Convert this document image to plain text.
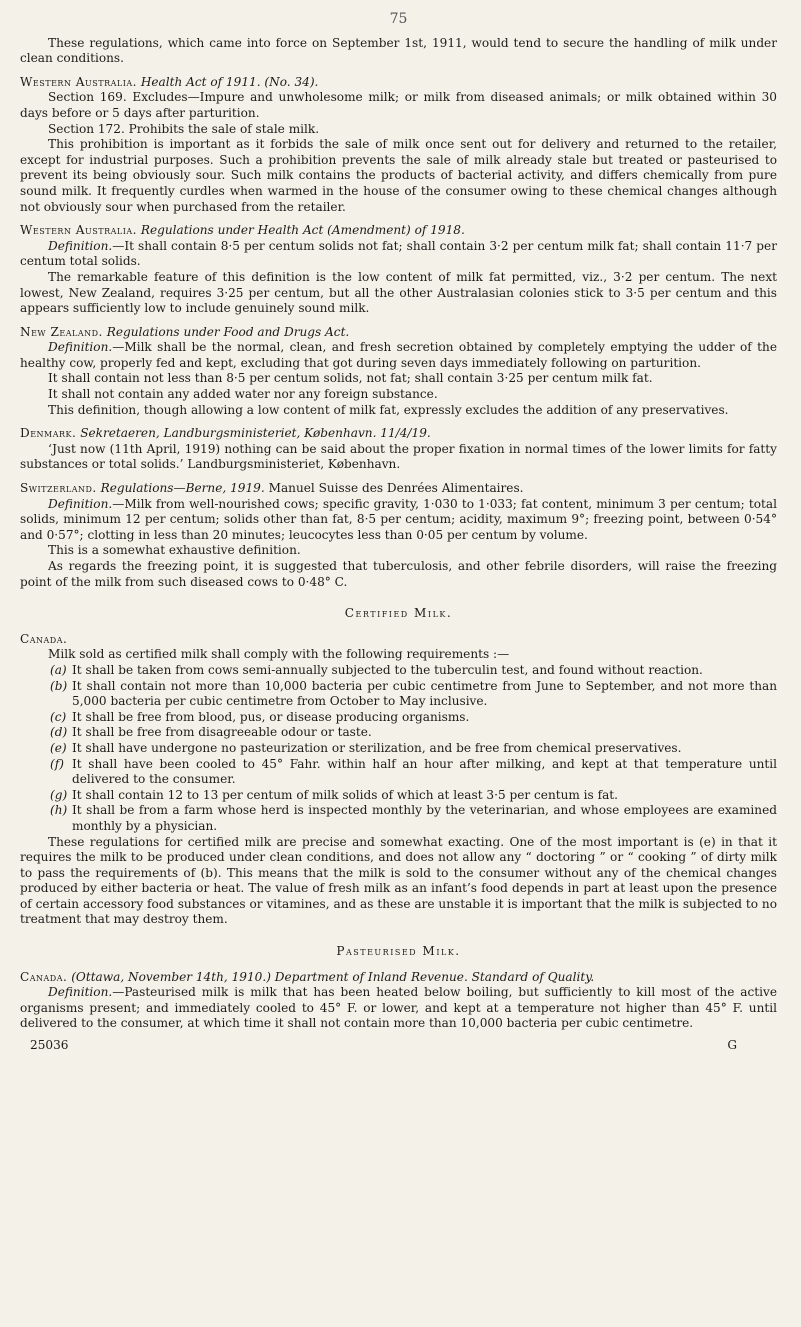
75

These regulations, which came into force on September 1st, 1911, would tend to secure the handling of milk under clean conditions.

Western Australia. Health Act of 1911. (No. 34).

Section 169. Excludes—Impure and unwholesome milk; or milk from diseased animals; or milk obtained within 30 days before or 5 days after parturition.

Section 172. Prohibits the sale of stale milk.

This prohibition is important as it forbids the sale of milk once sent out for delivery and returned to the retailer, except for industrial purposes. Such a prohibition prevents the sale of milk already stale but treated or pasteurised to prevent its being obviously sour. Such milk contains the products of bacterial activity, and differs chemically from pure sound milk. It frequently curdles when warmed in the house of the consumer owing to these chemical changes although not obviously sour when purchased from the retailer.

Western Australia. Regulations under Health Act (Amendment) of 1918.

Definition.—It shall contain 8·5 per centum solids not fat; shall contain 3·2 per centum milk fat; shall contain 11·7 per centum total solids.

The remarkable feature of this definition is the low content of milk fat permitted, viz., 3·2 per centum. The next lowest, New Zealand, requires 3·25 per centum, but all the other Australasian colonies stick to 3·5 per centum and this appears sufficiently low to include genuinely sound milk.

New Zealand. Regulations under Food and Drugs Act.

Definition.—Milk shall be the normal, clean, and fresh secretion obtained by completely emptying the udder of the healthy cow, properly fed and kept, excluding that got during seven days immediately following on parturition.

It shall contain not less than 8·5 per centum solids, not fat; shall contain 3·25 per centum milk fat.

It shall not contain any added water nor any foreign substance.

This definition, though allowing a low content of milk fat, expressly excludes the addition of any preservatives.

Denmark. Sekretaeren, Landburgsministeriet, København. 11/4/19.

‘Just now (11th April, 1919) nothing can be said about the proper fixation in normal times of the lower limits for fatty substances or total solids.’ Landburgsministeriet, København.

Switzerland. Regulations—Berne, 1919. Manuel Suisse des Denrées Alimentaires.

Definition.—Milk from well-nourished cows; specific gravity, 1·030 to 1·033; fat content, minimum 3 per centum; total solids, minimum 12 per centum; solids other than fat, 8·5 per centum; acidity, maximum 9°; freezing point, between 0·54° and 0·57°; clotting in less than 20 minutes; leucocytes less than 0·05 per centum by volume.

This is a somewhat exhaustive definition.

As regards the freezing point, it is suggested that tuberculosis, and other febrile disorders, will raise the freezing point of the milk from such diseased cows to 0·48° C.

Certified Milk.

Canada.

Milk sold as certified milk shall comply with the following requirements :—

(a) It shall be taken from cows semi-annually subjected to the tuberculin test, and found without reaction.
(b) It shall contain not more than 10,000 bacteria per cubic centimetre from June to September, and not more than 5,000 bacteria per cubic centimetre from October to May inclusive.
(c) It shall be free from blood, pus, or disease producing organisms.
(d) It shall be free from disagreeable odour or taste.
(e) It shall have undergone no pasteurization or sterilization, and be free from chemical preservatives.
(f) It shall have been cooled to 45° Fahr. within half an hour after milking, and kept at that temperature until delivered to the consumer.
(g) It shall contain 12 to 13 per centum of milk solids of which at least 3·5 per centum is fat.
(h) It shall be from a farm whose herd is inspected monthly by the veterinarian, and whose employees are examined monthly by a physician.

These regulations for certified milk are precise and somewhat exacting. One of the most important is (e) in that it requires the milk to be produced under clean conditions, and does not allow any “ doctoring ” or “ cooking ” of dirty milk to pass the requirements of (b). This means that the milk is sold to the consumer without any of the chemical changes produced by either bacteria or heat. The value of fresh milk as an infant’s food depends in part at least upon the presence of certain accessory food substances or vitamines, and as these are unstable it is important that the milk is subjected to no treatment that may destroy them.

Pasteurised Milk.

Canada. (Ottawa, November 14th, 1910.) Department of Inland Revenue. Standard of Quality.

Definition.—Pasteurised milk is milk that has been heated below boiling, but sufficiently to kill most of the active organisms present; and immediately cooled to 45° F. or lower, and kept at a temperature not higher than 45° F. until delivered to the consumer, at which time it shall not contain more than 10,000 bacteria per cubic centimetre.

25036	G
